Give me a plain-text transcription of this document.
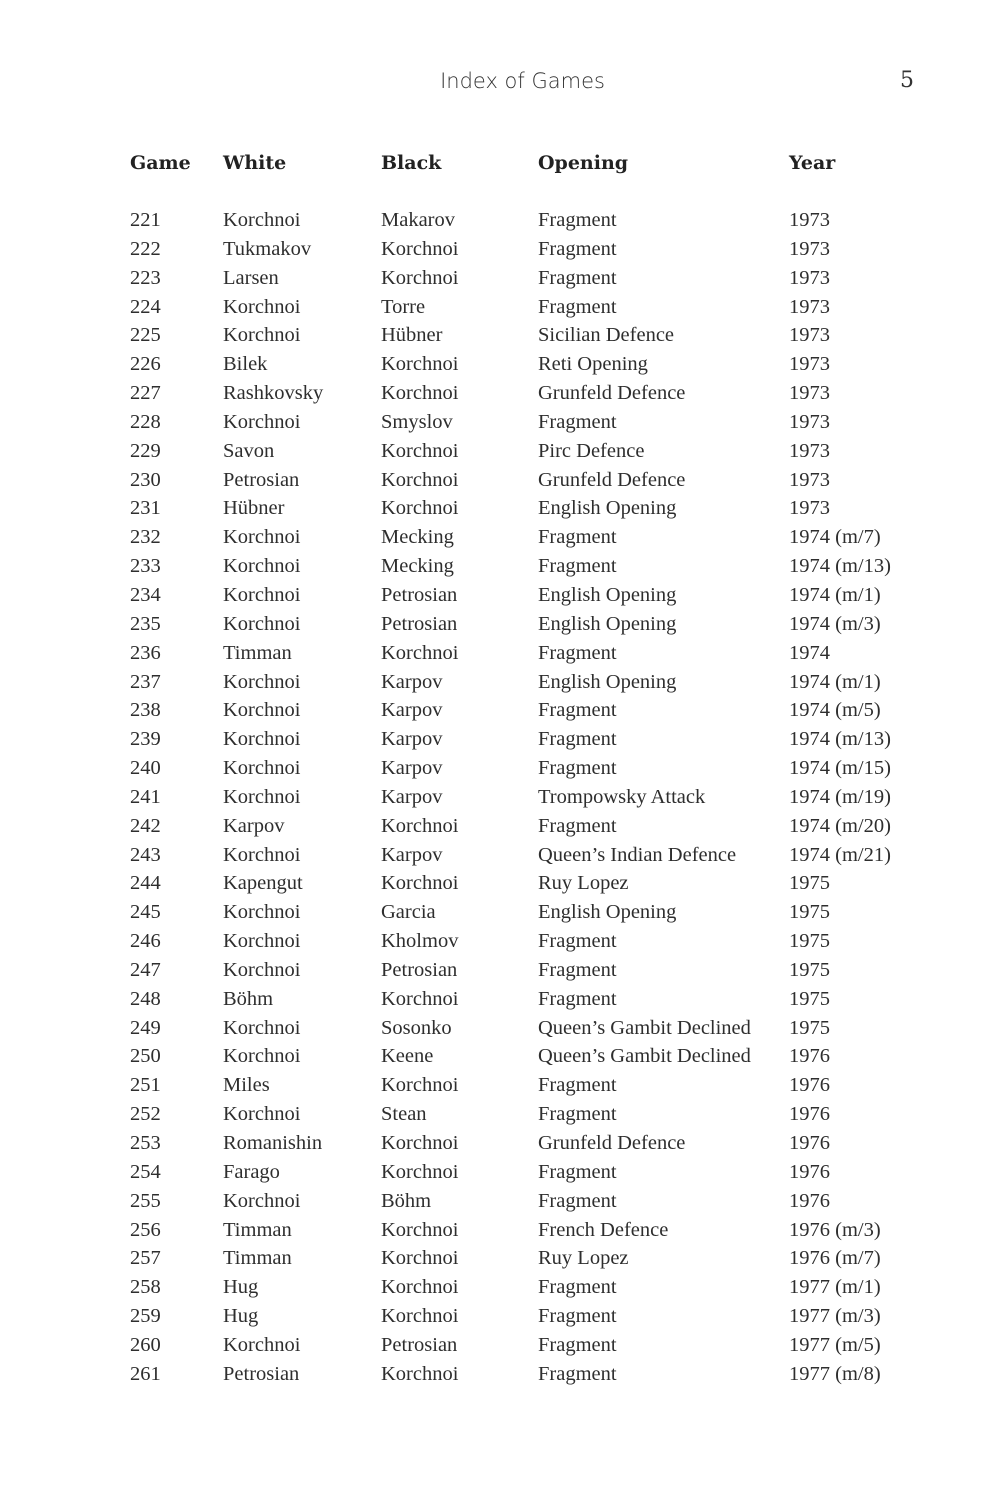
Index of Games	5
Game White	Black	Opening	Year
221	Korchnoi	Makarov	Fragment	1973
222	Tukmakov	Korchnoi	Fragment	1973
223	Larsen	Korchnoi	Fragment	1973
224	Korchnoi	Torre	Fragment	1973
225	Korchnoi	Hübner	Sicilian Defence	1973
226	Bilek	Korchnoi	Reti Opening	1973
227	Rashkovsky	Korchnoi	Grunfeld Defence	1973
228	Korchnoi	Smyslov	Fragment	1973
229	Savon	Korchnoi	Pirc Defence	1973
230	Petrosian	Korchnoi	Grunfeld Defence	1973
231	Hübner	Korchnoi	English Opening	1973
232	Korchnoi	Mecking	Fragment	1974 (m/7)
233	Korchnoi	Mecking	Fragment	1974 (m/13)
234	Korchnoi	Petrosian	English Opening	1974 (m/1)
235	Korchnoi	Petrosian	English Opening	1974 (m/3)
236	Timman	Korchnoi	Fragment	1974
237	Korchnoi	Karpov	English Opening	1974 (m/1)
238	Korchnoi	Karpov	Fragment	1974 (m/5)
239	Korchnoi	Karpov	Fragment	1974 (m/13)
240	Korchnoi	Karpov	Fragment	1974 (m/15)
241	Korchnoi	Karpov	Trompowsky Attack	1974 (m/19)
242	Karpov	Korchnoi	Fragment	1974 (m/20)
243	Korchnoi	Karpov	Queen’s Indian Defence	1974 (m/21)
244	Kapengut	Korchnoi	Ruy Lopez	1975
245	Korchnoi	Garcia	English Opening	1975
246	Korchnoi	Kholmov	Fragment	1975
247	Korchnoi	Petrosian	Fragment	1975
248	Böhm	Korchnoi	Fragment	1975
249	Korchnoi	Sosonko	Queen’s Gambit Declined 1975
250	Korchnoi	Keene	Queen’s Gambit Declined 1976
251	Miles	Korchnoi	Fragment	1976
252	Korchnoi	Stean	Fragment	1976
253	Romanishin	Korchnoi	Grunfeld Defence	1976
254	Farago	Korchnoi	Fragment	1976
255	Korchnoi	Böhm	Fragment	1976
256	Timman	Korchnoi	French Defence	1976 (m/3)
257	Timman	Korchnoi	Ruy Lopez	1976 (m/7)
258	Hug	Korchnoi	Fragment	1977 (m/1)
259	Hug	Korchnoi	Fragment	1977 (m/3)
260	Korchnoi	Petrosian	Fragment	1977 (m/5)
261	Petrosian	Korchnoi	Fragment	1977 (m/8)
